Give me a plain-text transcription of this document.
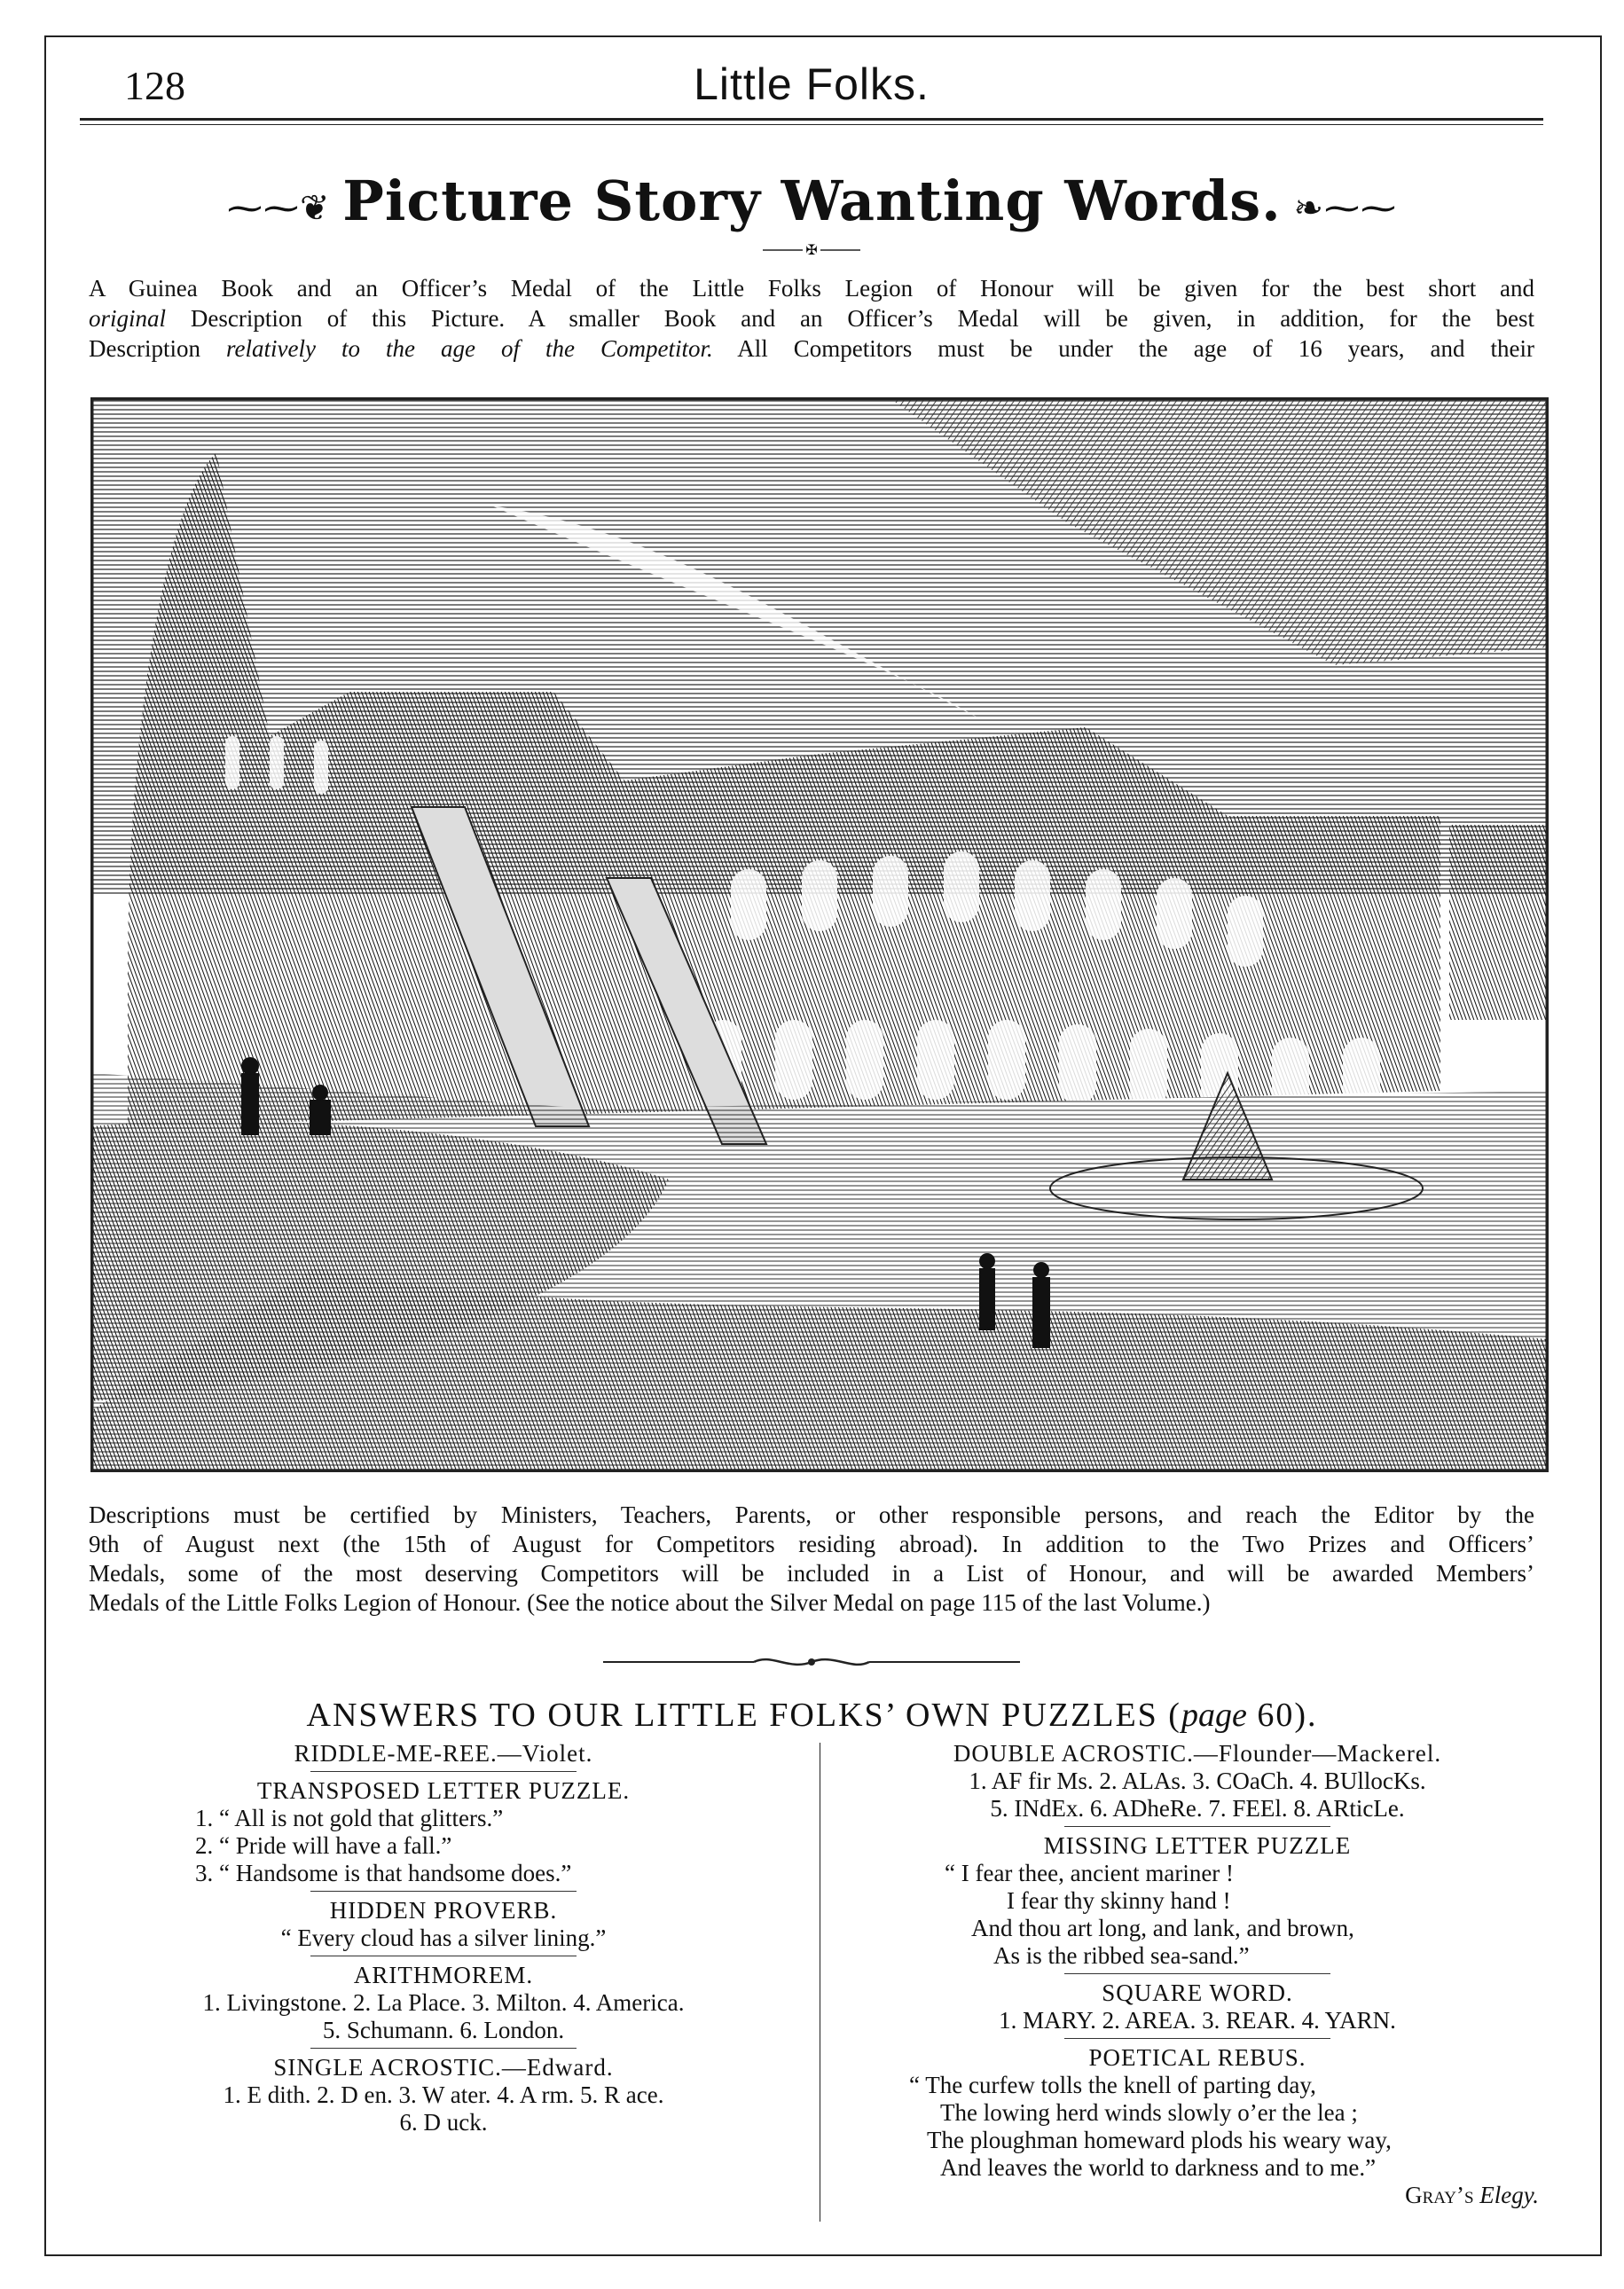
128	Little Folks.
⁓⁓❦ Picture Story Wanting Words. ❧⁓⁓
✠

A Guinea Book and an Officer’s Medal of the Little Folks Legion of Honour will be given for the best short and

original Description of this Picture. A smaller Book and an Officer’s Medal will be given, in addition, for the best

Description relatively to the age of the Competitor. All Competitors must be under the age of 16 years, and their

Descriptions must be certified by Ministers, Teachers, Parents, or other responsible persons, and reach the Editor by the
9th of August next (the 15th of August for Competitors residing abroad). In addition to the Two Prizes and Officers’
Medals, some of the most deserving Competitors will be included in a List of Honour, and will be awarded Members’
Medals of the Little Folks Legion of Honour. (See the notice about the Silver Medal on page 115 of the last Volume.)
ANSWERS TO OUR LITTLE FOLKS’ OWN PUZZLES (page 60).
RIDDLE-ME-REE.—Violet.
TRANSPOSED LETTER PUZZLE.
1. “ All is not gold that glitters.”
2. “ Pride will have a fall.”
3. “ Handsome is that handsome does.”
HIDDEN PROVERB.
“ Every cloud has a silver lining.”
ARITHMOREM.
1. Livingstone. 2. La Place. 3. Milton. 4. America.
5. Schumann. 6. London.
SINGLE ACROSTIC.—Edward.
1. E dith. 2. D en. 3. W ater. 4. A rm. 5. R ace.
6. D uck.
DOUBLE ACROSTIC.—Flounder—Mackerel.
1. AF fir Ms. 2. ALAs. 3. COaCh. 4. BUllocKs.
5. INdEx. 6. ADheRe. 7. FEEl. 8. ARticLe.
MISSING LETTER PUZZLE
“ I fear thee, ancient mariner !
I fear thy skinny hand !
And thou art long, and lank, and brown,
As is the ribbed sea-sand.”
SQUARE WORD.
1. MARY. 2. AREA. 3. REAR. 4. YARN.
POETICAL REBUS.
“ The curfew tolls the knell of parting day,
The lowing herd winds slowly o’er the lea ;
The ploughman homeward plods his weary way,
And leaves the world to darkness and to me.”
Gray’s Elegy.
